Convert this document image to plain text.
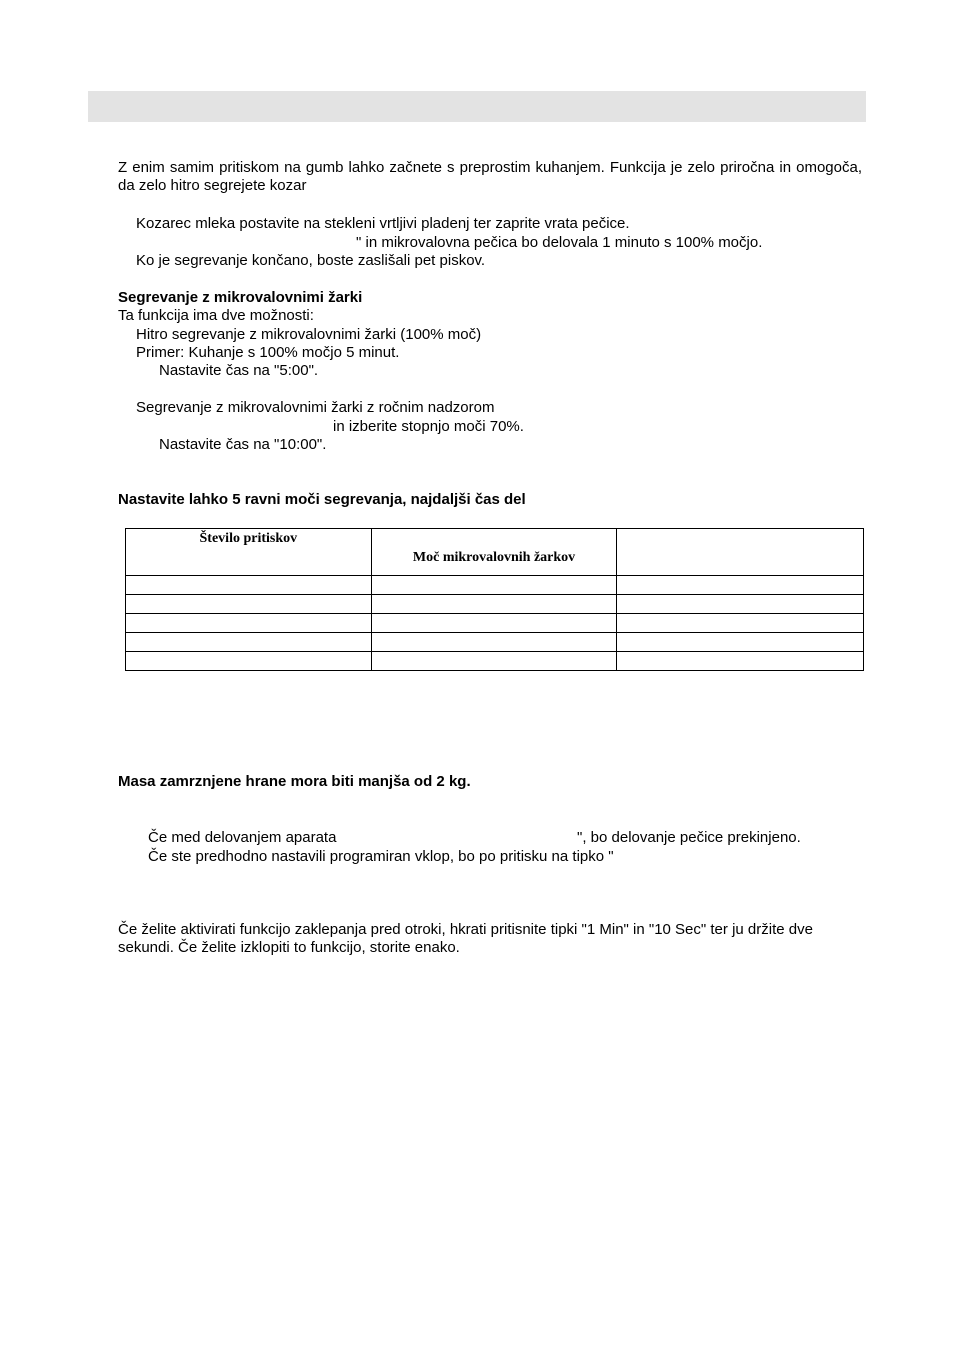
Z enim samim pritiskom na gumb lahko začnete s preprostim kuhanjem. Funkcija je zelo priročna in omogoča, da zelo hitro segrejete kozar
Kozarec mleka postavite na stekleni vrtljivi pladenj ter zaprite vrata pečice.
" in mikrovalovna pečica bo delovala 1 minuto s 100% močjo.
Ko je segrevanje končano, boste zaslišali pet piskov.
Segrevanje z mikrovalovnimi žarki
Ta funkcija ima dve možnosti:
Hitro segrevanje z mikrovalovnimi žarki (100% moč)
Primer: Kuhanje s 100% močjo 5 minut.
Nastavite čas na "5:00".
Segrevanje z mikrovalovnimi žarki z ročnim nadzorom
in izberite stopnjo moči 70%.
Nastavite čas na "10:00".
Nastavite lahko 5 ravni moči segrevanja, najdaljši čas del
Število pritiskov	Moč mikrovalovnih žarkov	

Masa zamrznjene hrane mora biti manjša od 2 kg.
Če med delovanjem aparata	", bo delovanje pečice prekinjeno.
Če ste predhodno nastavili programiran vklop, bo po pritisku na tipko "
Če želite aktivirati funkcijo zaklepanja pred otroki, hkrati pritisnite tipki "1 Min" in "10 Sec" ter ju držite dve sekundi. Če želite izklopiti to funkcijo, storite enako.
